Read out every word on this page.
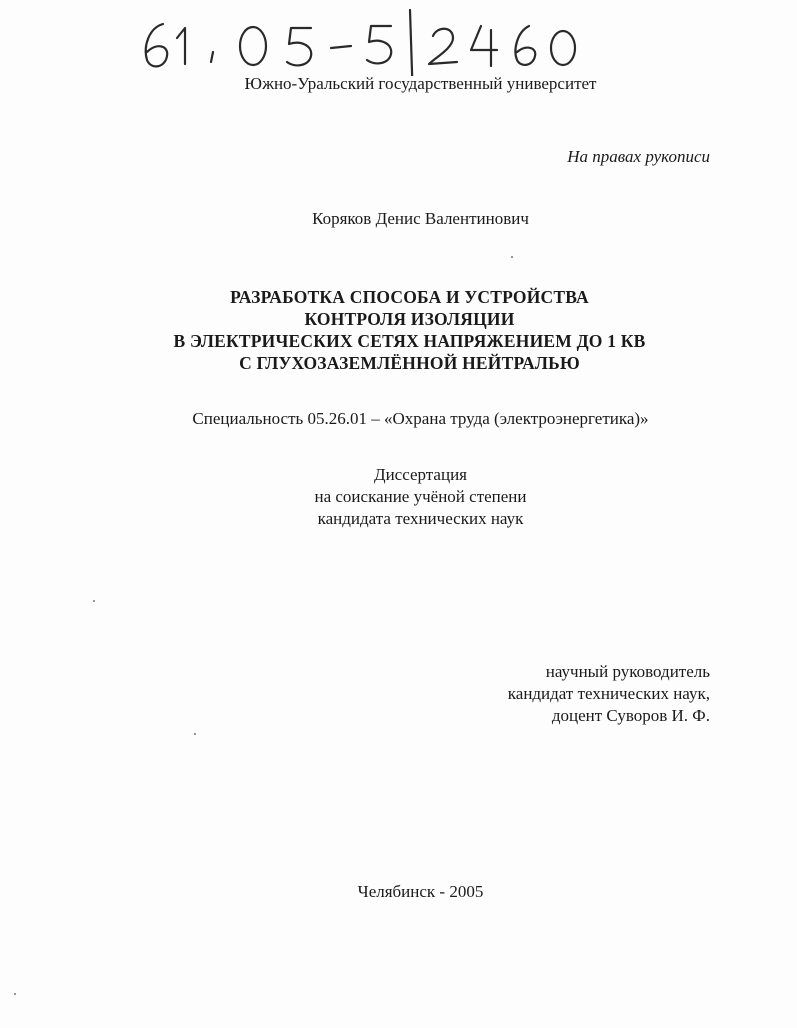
Южно-Уральский государственный университет
На правах рукописи
Коряков Денис Валентинович
РАЗРАБОТКА СПОСОБА И УСТРОЙСТВА
КОНТРОЛЯ ИЗОЛЯЦИИ
В ЭЛЕКТРИЧЕСКИХ СЕТЯХ НАПРЯЖЕНИЕМ ДО 1 КВ
С ГЛУХОЗАЗЕМЛЁННОЙ НЕЙТРАЛЬЮ
Специальность 05.26.01 – «Охрана труда (электроэнергетика)»
Диссертация
на соискание учёной степени
кандидата технических наук
научный руководитель
кандидат технических наук,
доцент Суворов И. Ф.
Челябинск - 2005
